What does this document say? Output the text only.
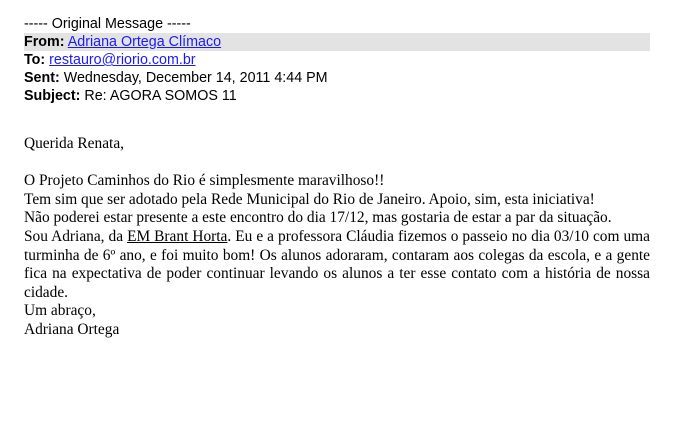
----- Original Message -----
From: Adriana Ortega Clímaco
To: restauro@riorio.com.br
Sent: Wednesday, December 14, 2011 4:44 PM
Subject: Re: AGORA SOMOS 11

Querida Renata,

O Projeto Caminhos do Rio é simplesmente maravilhoso!!

Tem sim que ser adotado pela Rede Municipal do Rio de Janeiro. Apoio, sim, esta iniciativa!

Não poderei estar presente a este encontro do dia 17/12, mas gostaria de estar a par da situação.

Sou Adriana, da EM Brant Horta. Eu e a professora Cláudia fizemos o passeio no dia 03/10 com uma turminha de 6º ano, e foi muito bom! Os alunos adoraram, contaram aos colegas da escola, e a gente fica na expectativa de poder continuar levando os alunos a ter esse contato com a história de nossa cidade.

Um abraço,

Adriana Ortega
